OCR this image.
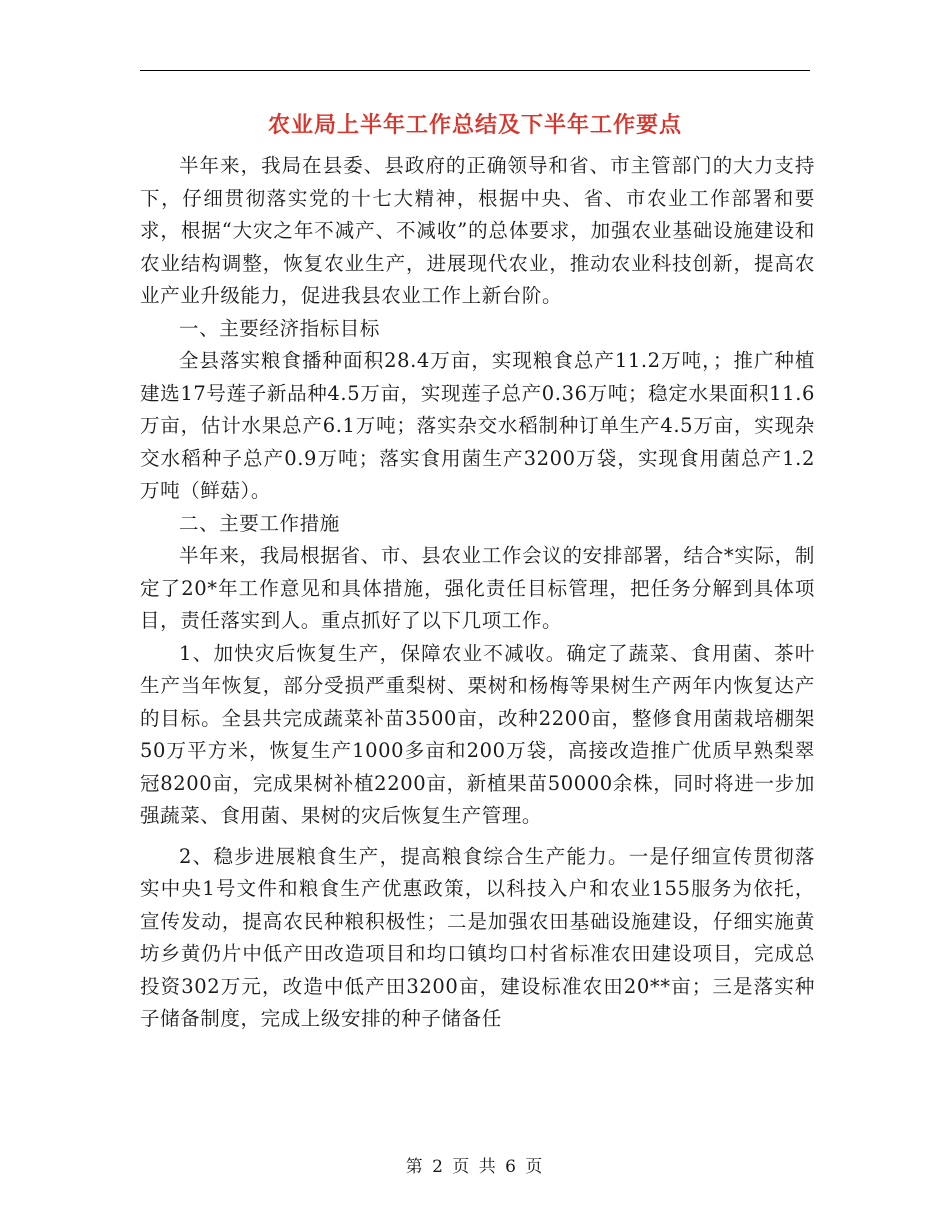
农业局上半年工作总结及下半年工作要点

半年来，我局在县委、县政府的正确领导和省、市主管部门的大力支持下，仔细贯彻落实党的十七大精神，根据中央、省、市农业工作部署和要求，根据“大灾之年不减产、不减收”的总体要求，加强农业基础设施建设和农业结构调整，恢复农业生产，进展现代农业，推动农业科技创新，提高农业产业升级能力，促进我县农业工作上新台阶。

一、主要经济指标目标

全县落实粮食播种面积28.4万亩，实现粮食总产11.2万吨，；推广种植建选17号莲子新品种4.5万亩，实现莲子总产0.36万吨；稳定水果面积11.6万亩，估计水果总产6.1万吨；落实杂交水稻制种订单生产4.5万亩，实现杂交水稻种子总产0.9万吨；落实食用菌生产3200万袋，实现食用菌总产1.2万吨（鲜菇）。

二、主要工作措施

半年来，我局根据省、市、县农业工作会议的安排部署，结合*实际，制定了20*年工作意见和具体措施，强化责任目标管理，把任务分解到具体项目，责任落实到人。重点抓好了以下几项工作。

1、加快灾后恢复生产，保障农业不减收。确定了蔬菜、食用菌、茶叶生产当年恢复，部分受损严重梨树、栗树和杨梅等果树生产两年内恢复达产的目标。全县共完成蔬菜补苗3500亩，改种2200亩，整修食用菌栽培棚架50万平方米，恢复生产1000多亩和200万袋，高接改造推广优质早熟梨翠冠8200亩，完成果树补植2200亩，新植果苗50000余株，同时将进一步加强蔬菜、食用菌、果树的灾后恢复生产管理。

2、稳步进展粮食生产，提高粮食综合生产能力。一是仔细宣传贯彻落实中央1号文件和粮食生产优惠政策，以科技入户和农业155服务为依托，宣传发动，提高农民种粮积极性；二是加强农田基础设施建设，仔细实施黄坊乡黄仍片中低产田改造项目和均口镇均口村省标准农田建设项目，完成总投资302万元，改造中低产田3200亩，建设标准农田20**亩；三是落实种子储备制度，完成上级安排的种子储备任

第 2 页 共 6 页
